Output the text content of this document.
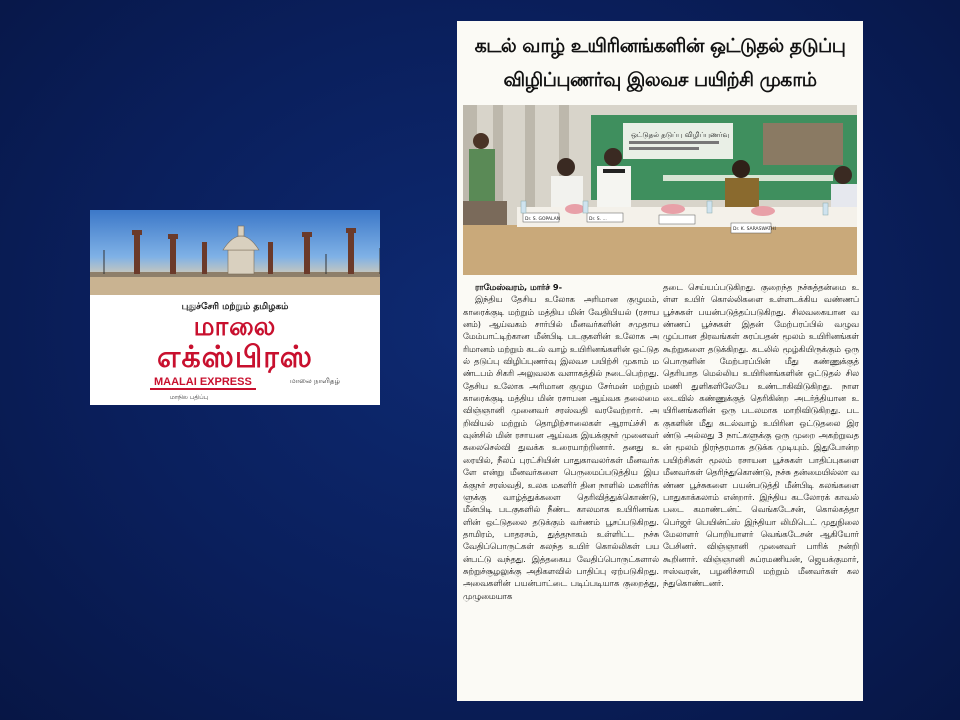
புதுச்சேரி மற்றும் தமிழகம்
மாலை
எக்ஸ்பிரஸ்
MAALAI EXPRESS	மாலை நாளிதழ்
மாநில பதிப்பு
கடல் வாழ் உயிரினங்களின் ஒட்டுதல் தடுப்பு
விழிப்புணர்வு இலவச பயிற்சி முகாம்
ஒட்டுதல் தடுப்பு விழிப்புணர்வு
Dr. S. GOPALAN	Dr. S. ...
Dr. K. SARASWATHI

ராமேஸ்வரம், மார்ச் 9-

இந்திய தேசிய உலோக அரிமான குழுமம், காரைக்குடி மற்றும் மத்திய மின் வேதியியல் (ரசாயனம்) ஆய்வகம் சார்பில் மீனவர்களின் சமுதாய மேம்பாட்டிற்கான மீன்பிடி படகுகளின் உலோக அரிமானம் மற்றும் கடல் வாழ் உயிரினங்களின் ஒட்டுதல் தடுப்பு விழிப்புணர்வு இலவச பயிற்சி முகாம் மண்டபம் சிகரி அலுவலக வளாகத்தில் நடைபெற்றது. தேசிய உலோக அரிமான குழும சேர்மன் மற்றும் காரைக்குடி மத்திய மின் ரசாயன ஆய்வக தலைமை விஞ்ஞானி முனைவர் சரஸ்வதி வரவேற்றார். அறிவியல் மற்றும் தொழிற்சாலைகள் ஆராய்ச்சி கவுன்சில் மின் ரசாயன ஆய்வக இயக்குநர் முனைவர் கலைசெல்வி துவக்க உரையாற்றினார். தனது உரையில், நீலப் புரட்சியின் பாதுகாவலர்கள் மீனவர்களே என்று மீனவர்களை பெருமைப்படுத்திய இயக்குநர் சரஸ்வதி, உலக மகளிர் தின நாளில் மகளிர்களுக்கு வாழ்த்துக்களை தெரிவித்துக்கொண்டு, மீன்பிடி படகுகளில் நீண்ட காலமாக உயிரினங்களின் ஒட்டுதலை தடுக்கும் வர்ணம் பூசப்படுகிறது. தாமிரம், பாதரசம், துத்தநாகம் உள்ளிட்ட நச்சு வேதிப்பொருட்கள் கலந்த உயிர் கொல்லிகள் பயன்பட்டு வந்தது. இத்தகைய வேதிப்பொருட்களால் சுற்றுச்சூழலுக்கு அதிகளவில் பாதிப்பு ஏற்படுகிறது. அவைகளின் பயன்பாட்டை படிப்படியாக குறைத்து, முழுமையாக

தடை செய்யப்படுகிறது. குறைந்த நச்சுத்தன்மை உள்ள உயிர் கொல்லிகளை உள்ளடக்கிய வண்ணப் பூச்சுகள் பயன்படுத்தப்படுகிறது. சிலவகையான வண்ணப் பூச்சுகள் இதன் மேற்பரப்பில் வழுவழுப்பான திரவங்கள் சுரப்பதன் மூலம் உயிரினங்கள் கூற்றுகளை தடுக்கிறது. கடலில் மூழ்கியிருக்கும் ஒரு பொருளின் மேற்பரப்பின் மீது கண்ணுக்குத் தெரியாத மெல்லிய உயிரினங்களின் ஒட்டுதல் சில மணி துளிகளிலேயே உண்டாகிவிடுகிறது. நாளடைவில் கண்ணுக்குத் தெரிகின்ற அடர்த்தியான உயிரினங்களின் ஒரு படலமாக மாறிவிடுகிறது. படகுகளின் மீது கடல்வாழ் உயிரின ஒட்டுதலை இரண்டு அல்லது 3 நாட்களுக்கு ஒரு முறை அகற்றுவதன் மூலம் நிரந்தரமாக தடுக்க முடியும். இதுபோன்ற பயிற்சிகள் மூலம் ரசாயன பூச்சுகள் பாதிப்புகளை மீனவர்கள் தெரிந்துகொண்டு, நச்சு தன்மையில்லா வண்ண பூச்சுகளை பயன்படுத்தி மீன்பிடி கலங்களை பாதுகாக்கலாம் என்றார். இந்திய கடலோரக் காவல் படை கமாண்டன்ட் வெங்கடேசன், கொல்கத்தா பெர்ஜர் பெயின்ட்ஸ் இந்தியா லிமிடெட் முதுநிலை மேலாளர் பொறியாளர் வெங்கடேசன் ஆகியோர் பேசினர். விஞ்ஞானி முனைவர் பாரிக் நன்றி கூறினார். விஞ்ஞானி சுப்ரமணியன், ஜெயக்குமார், ஈஸ்வரன், பழனிச்சாமி மற்றும் மீனவர்கள் கலந்துகொண்டனர்.
